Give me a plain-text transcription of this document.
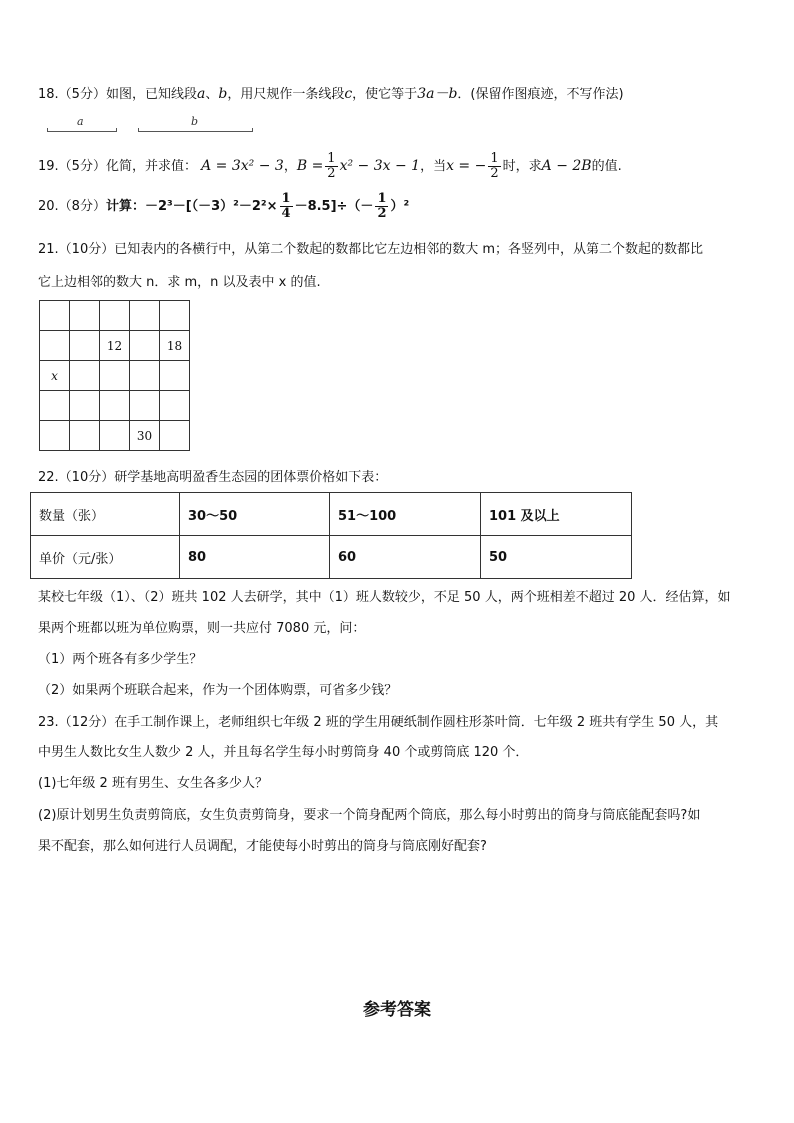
18.（5分）如图，已知线段a、b，用尺规作一条线段c，使它等于3a－b．(保留作图痕迹，不写作法)
a	b
19.（5分）化简，并求值： A = 3x² − 3，$B = \frac{1}{2} x^2 - 3x - 1$，当x = − $\frac{1}{2}$ 时，求A − 2B的值.
20.（8分）计算：$-2^3-[(-3)^2-2^2\times \frac{1}{4} -8.5]\div(- \frac{1}{2} )^2$
21.（10分）已知表内的各横行中，从第二个数起的数都比它左边相邻的数大 m；各竖列中，从第二个数起的数都比
它上边相邻的数大 n．求 m，n 以及表中 x 的值.

		12		18
x				

			30	
22.（10分）研学基地高明盈香生态园的团体票价格如下表：
数量（张）	30～50	51～100	101 及以上
单价（元/张）	80	60	50
某校七年级（1）、（2）班共 102 人去研学，其中（1）班人数较少，不足 50 人，两个班相差不超过 20 人．经估算，如
果两个班都以班为单位购票，则一共应付 7080 元，问：
（1）两个班各有多少学生？
（2）如果两个班联合起来，作为一个团体购票，可省多少钱？
23.（12分）在手工制作课上，老师组织七年级 2 班的学生用硬纸制作圆柱形茶叶筒．七年级 2 班共有学生 50 人，其
中男生人数比女生人数少 2 人，并且每名学生每小时剪筒身 40 个或剪筒底 120 个．
(1)七年级 2 班有男生、女生各多少人？
(2)原计划男生负责剪筒底，女生负责剪筒身，要求一个筒身配两个筒底，那么每小时剪出的筒身与筒底能配套吗?如
果不配套，那么如何进行人员调配，才能使每小时剪出的筒身与筒底刚好配套?
参考答案
